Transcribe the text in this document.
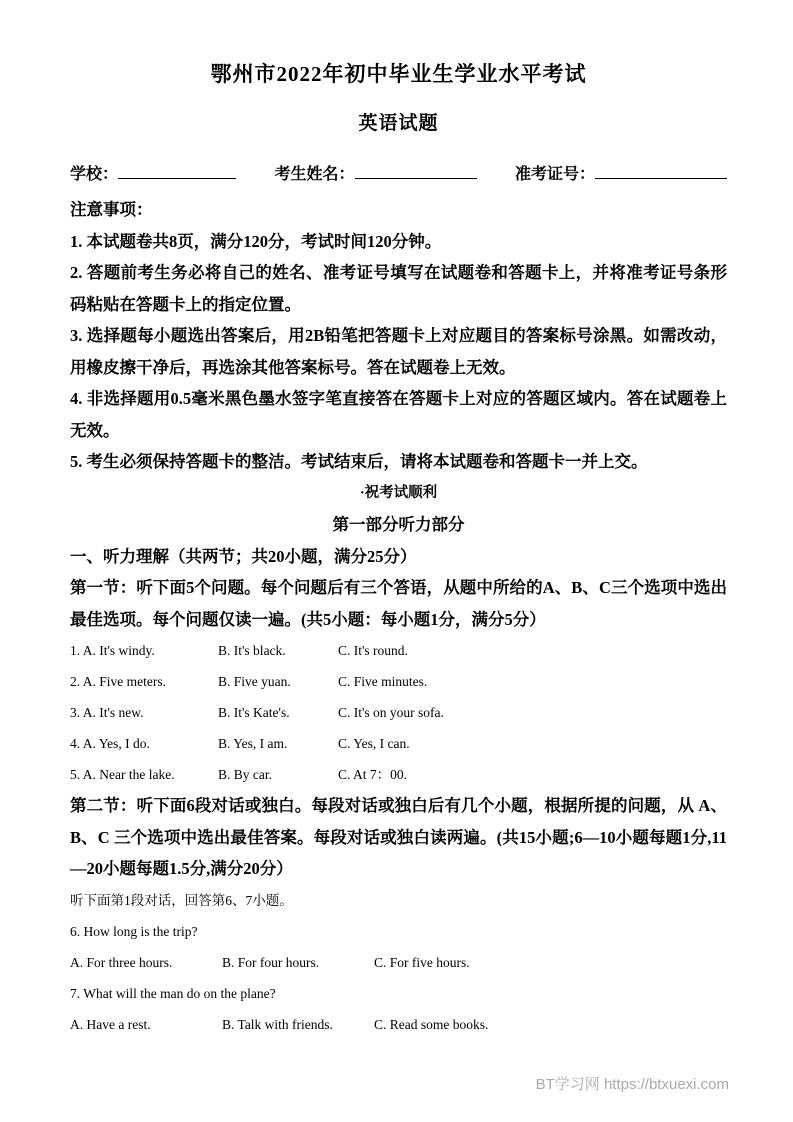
鄂州市2022年初中毕业生学业水平考试
英语试题
学校：	考生姓名：	准考证号：
注意事项：
1. 本试题卷共8页，满分120分，考试时间120分钟。
2. 答题前考生务必将自己的姓名、准考证号填写在试题卷和答题卡上，并将准考证号条形码粘贴在答题卡上的指定位置。
3. 选择题每小题选出答案后，用2B铅笔把答题卡上对应题目的答案标号涂黑。如需改动，用橡皮擦干净后，再选涂其他答案标号。答在试题卷上无效。
4. 非选择题用0.5毫米黑色墨水签字笔直接答在答题卡上对应的答题区域内。答在试题卷上无效。
5. 考生必须保持答题卡的整洁。考试结束后，请将本试题卷和答题卡一并上交。
·祝考试顺利
第一部分听力部分
一、听力理解（共两节；共20小题，满分25分）
第一节：听下面5个问题。每个问题后有三个答语，从题中所给的A、B、C三个选项中选出最佳选项。每个问题仅读一遍。(共5小题：每小题1分，满分5分）
1. A. It's windy.	B. It's black.	C. It's round.
2. A. Five meters.	B. Five yuan.	C. Five minutes.
3. A. It's new.	B. It's Kate's.	C. It's on your sofa.
4. A. Yes, I do.	B. Yes, I am.	C. Yes, I can.
5. A. Near the lake.	B. By car.	C. At 7：00.
第二节：听下面6段对话或独白。每段对话或独白后有几个小题，根据所提的问题，从 A、B、C 三个选项中选出最佳答案。每段对话或独白读两遍。(共15小题;6—10小题每题1分,11—20小题每题1.5分,满分20分）
听下面第1段对话，回答第6、7小题。
6. How long is the trip?
A. For three hours.	B. For four hours.	C. For five hours.
7. What will the man do on the plane?
A. Have a rest.	B. Talk with friends.	C. Read some books.
BT学习网 https://btxuexi.com
